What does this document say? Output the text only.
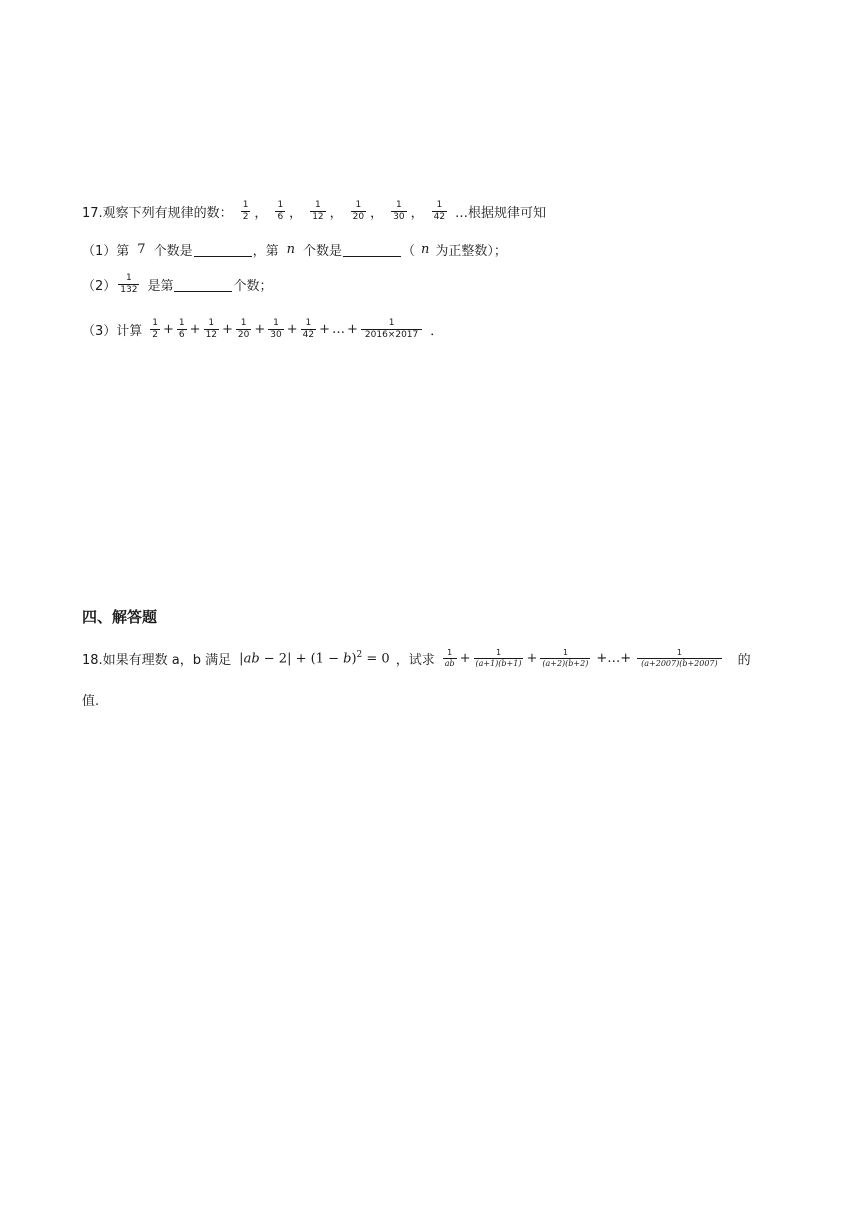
17.观察下列有规律的数： $\frac{1}{2}$ ， $\frac{1}{6}$ ， $\frac{1}{12}$ ， $\frac{1}{20}$ ， $\frac{1}{30}$ ， $\frac{1}{42}$ …根据规律可知
（1）第 7 个数是	，第 n 个数是	（ n 为正整数）；
$(2) \frac{1}{132}$ 是第	个数；
（3）计算 $\frac{1}{2} + \frac{1}{6} + \frac{1}{12} + \frac{1}{20} + \frac{1}{30} + \frac{1}{42}$ + … + $\frac{1}{2016\times 2017}$ ．
四、解答题
18.如果有理数 a，b 满足 $|ab - 2| + (1 - b)^2 = 0$ ，试求 $\frac{1}{ab} + \frac{1}{(a+1)(b+1)} + \frac{1}{(a+2)(b+2)}$ +…+ $\frac{1}{(a+2007)(b+2007)}$ 的
值.
